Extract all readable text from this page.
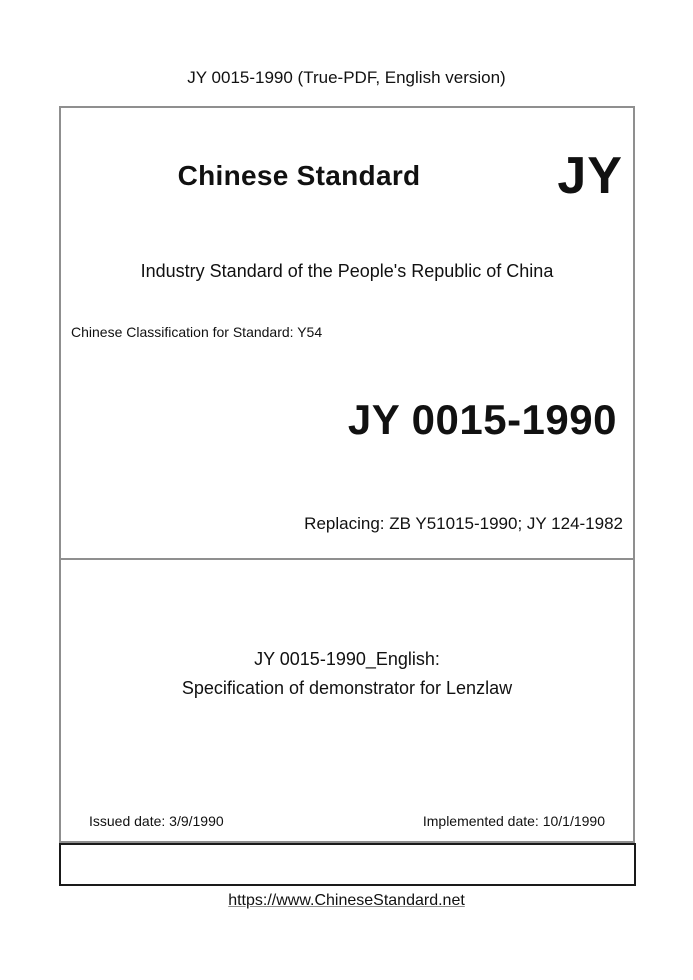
JY 0015-1990 (True-PDF, English version)
Chinese Standard	JY
Industry Standard of the People's Republic of China
Chinese Classification for Standard: Y54
JY 0015-1990
Replacing: ZB Y51015-1990; JY 124-1982
JY 0015-1990_English:
Specification of demonstrator for Lenzlaw
Issued date: 3/9/1990	Implemented date: 10/1/1990
https://www.ChineseStandard.net
